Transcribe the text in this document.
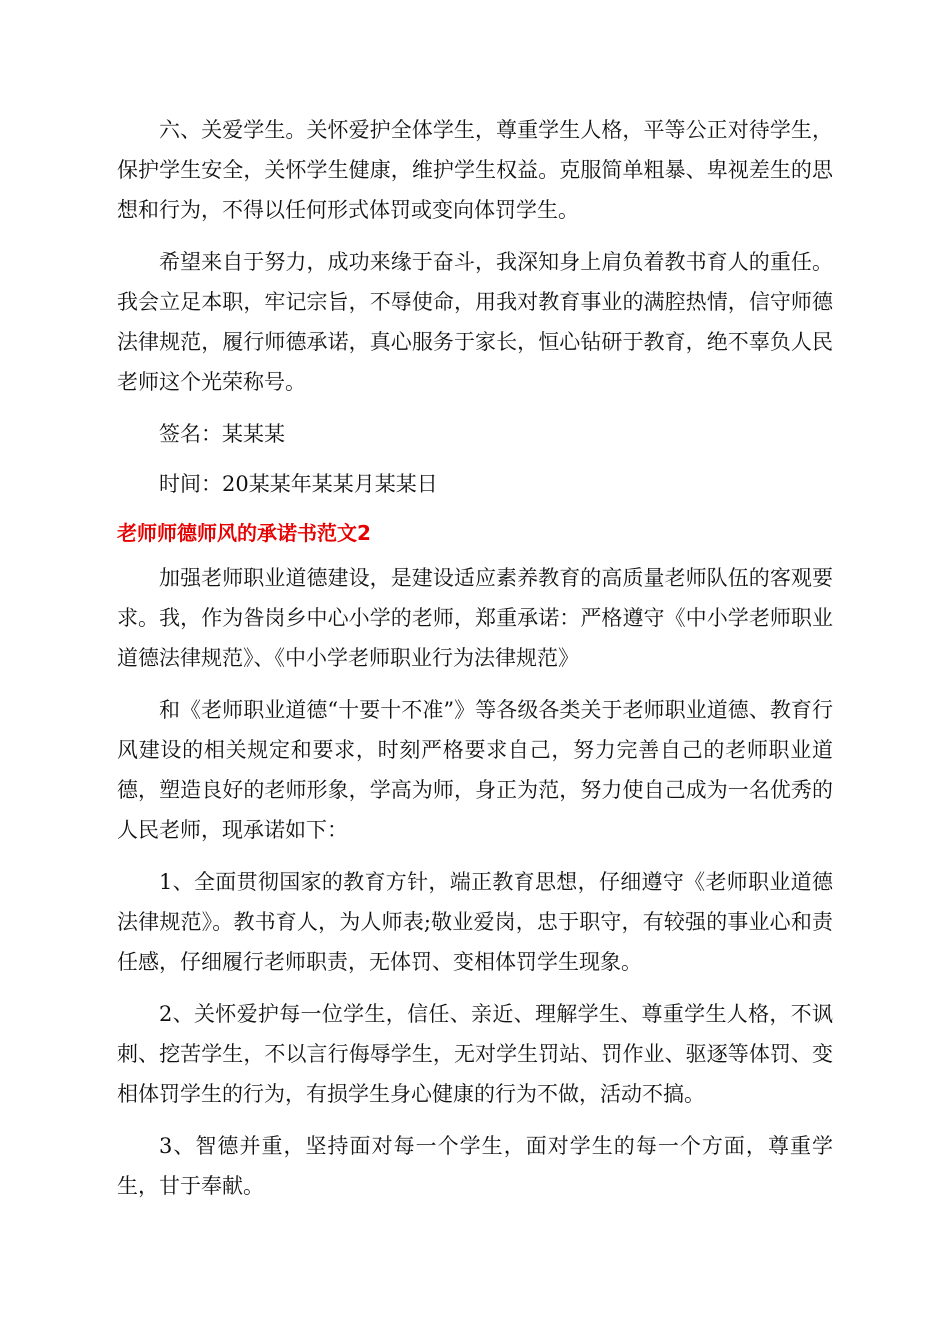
六、关爱学生。关怀爱护全体学生，尊重学生人格，平等公正对待学生，保护学生安全，关怀学生健康，维护学生权益。克服简单粗暴、卑视差生的思想和行为，不得以任何形式体罚或变向体罚学生。

希望来自于努力，成功来缘于奋斗，我深知身上肩负着教书育人的重任。我会立足本职，牢记宗旨，不辱使命，用我对教育事业的满腔热情，信守师德法律规范，履行师德承诺，真心服务于家长，恒心钻研于教育，绝不辜负人民老师这个光荣称号。

签名：某某某

时间：20某某年某某月某某日

老师师德师风的承诺书范文2

加强老师职业道德建设，是建设适应素养教育的高质量老师队伍的客观要求。我，作为昝岗乡中心小学的老师，郑重承诺：严格遵守《中小学老师职业道德法律规范》、《中小学老师职业行为法律规范》

和《老师职业道德“十要十不准”》等各级各类关于老师职业道德、教育行风建设的相关规定和要求，时刻严格要求自己，努力完善自己的老师职业道德，塑造良好的老师形象，学高为师，身正为范，努力使自己成为一名优秀的人民老师，现承诺如下：

1、全面贯彻国家的教育方针，端正教育思想，仔细遵守《老师职业道德法律规范》。教书育人，为人师表;敬业爱岗，忠于职守，有较强的事业心和责任感，仔细履行老师职责，无体罚、变相体罚学生现象。

2、关怀爱护每一位学生，信任、亲近、理解学生、尊重学生人格，不讽刺、挖苦学生，不以言行侮辱学生，无对学生罚站、罚作业、驱逐等体罚、变相体罚学生的行为，有损学生身心健康的行为不做，活动不搞。

3、智德并重，坚持面对每一个学生，面对学生的每一个方面，尊重学生，甘于奉献。
